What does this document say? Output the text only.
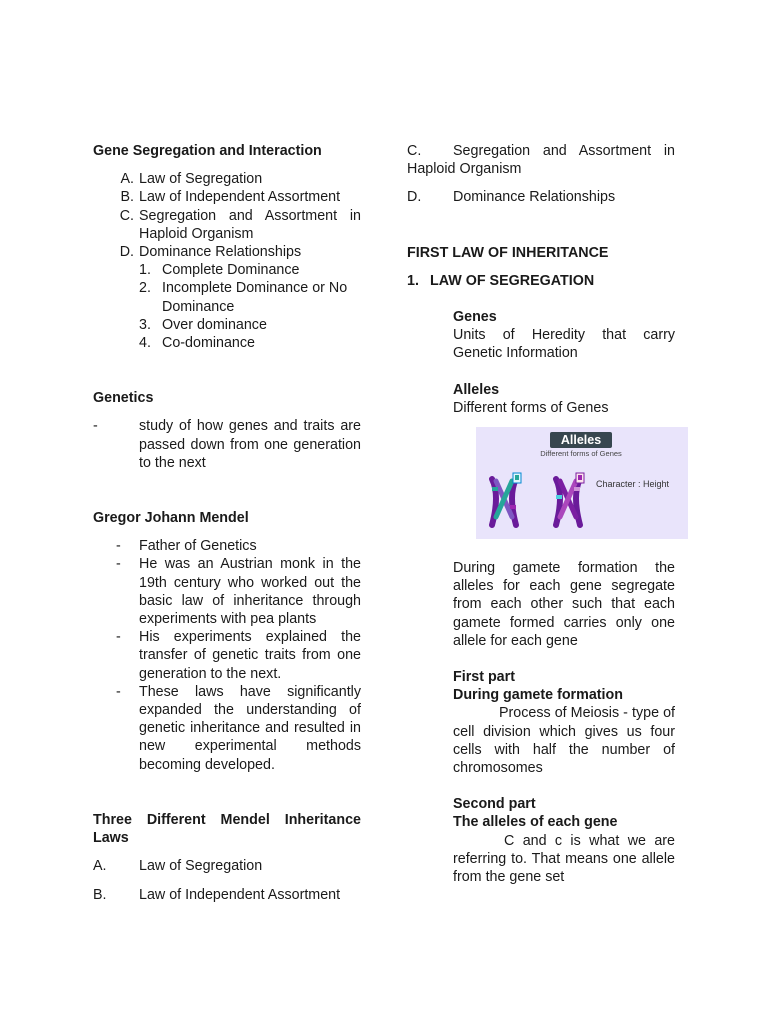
Gene Segregation and Interaction
A. Law of Segregation
B. Law of Independent Assortment
C. Segregation and Assortment in Haploid Organism
D. Dominance Relationships
1. Complete Dominance
2. Incomplete Dominance or No Dominance
3. Over dominance
4. Co-dominance
Genetics
-	study of how genes and traits are passed down from one generation to the next
Gregor Johann Mendel
-	Father of Genetics
-	He was an Austrian monk in the 19th century who worked out the basic law of inheritance through experiments with pea plants
-	His experiments explained the transfer of genetic traits from one generation to the next.
-	These laws have significantly expanded the understanding of genetic inheritance and resulted in new experimental methods becoming developed.
Three Different Mendel Inheritance Laws
A.	Law of Segregation
B.	Law of Independent Assortment
C. Segregation and Assortment in Haploid Organism
D.	Dominance Relationships
FIRST LAW OF INHERITANCE
1. LAW OF SEGREGATION
Genes
Units of Heredity that carry Genetic Information
Alleles
Different forms of Genes
Alleles
Different forms of Genes
Character : Height
During gamete formation the alleles for each gene segregate from each other such that each gamete formed carries only one allele for each gene
First part
During gamete formation
Process of Meiosis - type of cell division which gives us four cells with half the number of chromosomes
Second part
The alleles of each gene
C and c is what we are referring to. That means one allele from the gene set
